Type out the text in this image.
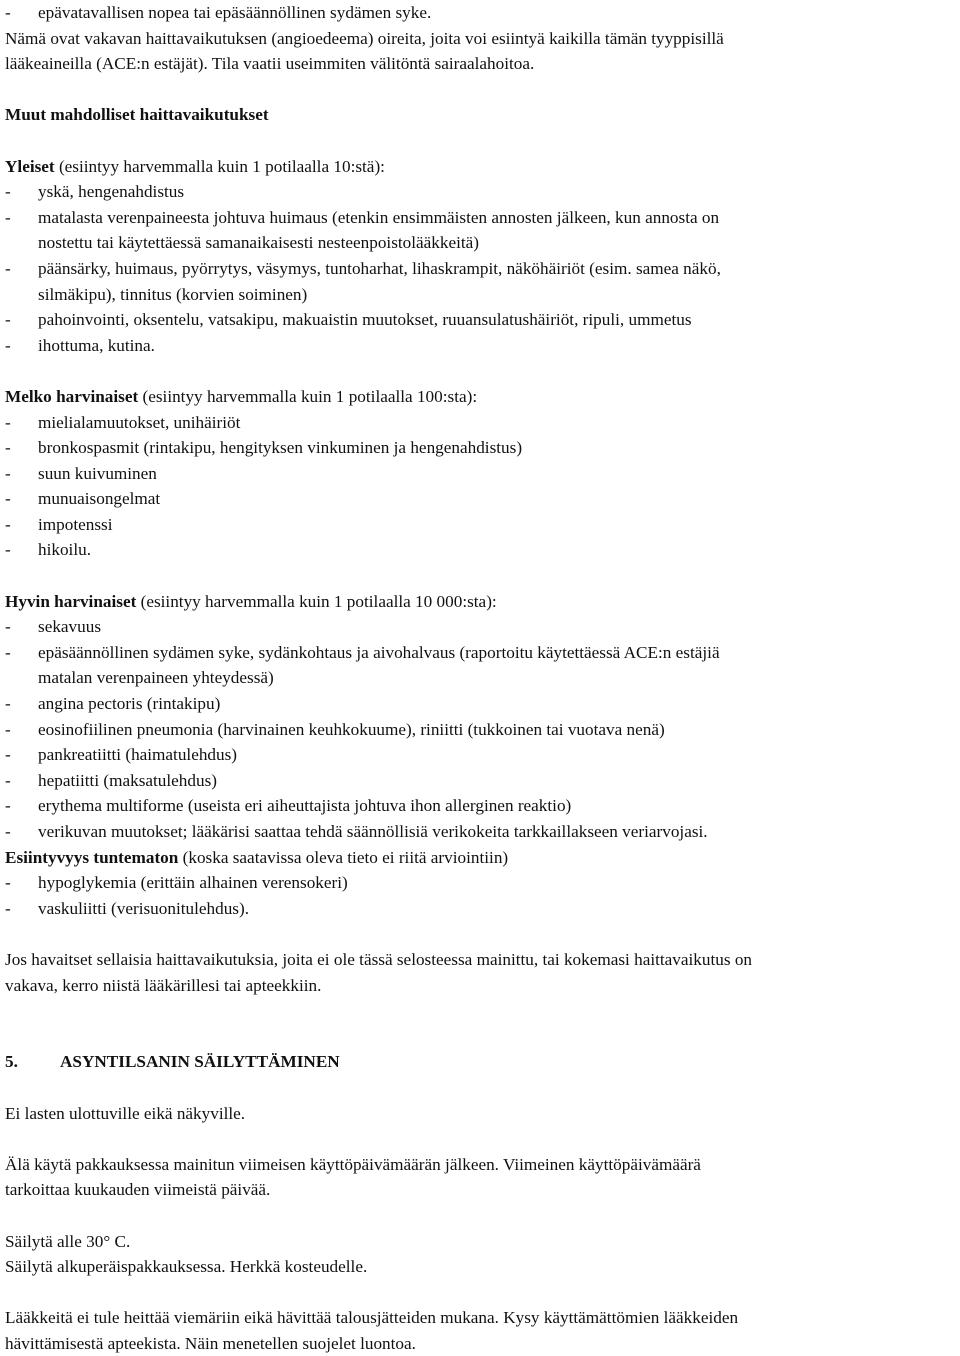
-	epävatavallisen nopea tai epäsäännöllinen sydämen syke.
Nämä ovat vakavan haittavaikutuksen (angioedeema) oireita, joita voi esiintyä kaikilla tämän tyyppisillä
lääkeaineilla (ACE:n estäjät). Tila vaatii useimmiten välitöntä sairaalahoitoa.
Muut mahdolliset haittavaikutukset
Yleiset (esiintyy harvemmalla kuin 1 potilaalla 10:stä):
-	yskä, hengenahdistus
-	matalasta verenpaineesta johtuva huimaus (etenkin ensimmäisten annosten jälkeen, kun annosta on
nostettu tai käytettäessä samanaikaisesti nesteenpoistolääkkeitä)
-	päänsärky, huimaus, pyörrytys, väsymys, tuntoharhat, lihaskrampit, näköhäiriöt (esim. samea näkö,
silmäkipu), tinnitus (korvien soiminen)
-	pahoinvointi, oksentelu, vatsakipu, makuaistin muutokset, ruuansulatushäiriöt, ripuli, ummetus
-	ihottuma, kutina.
Melko harvinaiset (esiintyy harvemmalla kuin 1 potilaalla 100:sta):
-	mielialamuutokset, unihäiriöt
-	bronkospasmit (rintakipu, hengityksen vinkuminen ja hengenahdistus)
-	suun kuivuminen
-	munuaisongelmat
-	impotenssi
-	hikoilu.
Hyvin harvinaiset (esiintyy harvemmalla kuin 1 potilaalla 10 000:sta):
-	sekavuus
-	epäsäännöllinen sydämen syke, sydänkohtaus ja aivohalvaus (raportoitu käytettäessä ACE:n estäjiä
matalan verenpaineen yhteydessä)
-	angina pectoris (rintakipu)
-	eosinofiilinen pneumonia (harvinainen keuhkokuume), riniitti (tukkoinen tai vuotava nenä)
-	pankreatiitti (haimatulehdus)
-	hepatiitti (maksatulehdus)
-	erythema multiforme (useista eri aiheuttajista johtuva ihon allerginen reaktio)
-	verikuvan muutokset; lääkärisi saattaa tehdä säännöllisiä verikokeita tarkkaillakseen veriarvojasi.
Esiintyvyys tuntematon (koska saatavissa oleva tieto ei riitä arviointiin)
-	hypoglykemia (erittäin alhainen verensokeri)
-	vaskuliitti (verisuonitulehdus).
Jos havaitset sellaisia haittavaikutuksia, joita ei ole tässä selosteessa mainittu, tai kokemasi haittavaikutus on
vakava, kerro niistä lääkärillesi tai apteekkiin.
5.	ASYNTILSANIN SÄILYTTÄMINEN
Ei lasten ulottuville eikä näkyville.
Älä käytä pakkauksessa mainitun viimeisen käyttöpäivämäärän jälkeen. Viimeinen käyttöpäivämäärä
tarkoittaa kuukauden viimeistä päivää.
Säilytä alle 30° C.
Säilytä alkuperäispakkauksessa. Herkkä kosteudelle.
Lääkkeitä ei tule heittää viemäriin eikä hävittää talousjätteiden mukana. Kysy käyttämättömien lääkkeiden
hävittämisestä apteekista. Näin menetellen suojelet luontoa.
